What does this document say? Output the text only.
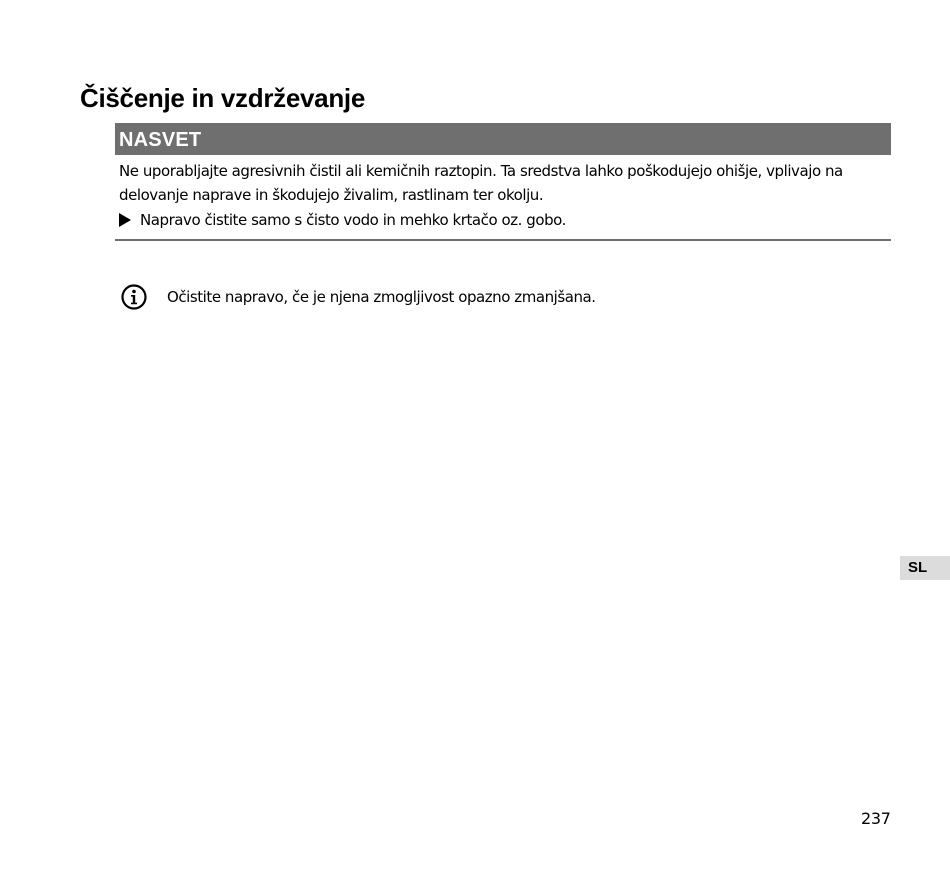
Čiščenje in vzdrževanje
NASVET
Ne uporabljajte agresivnih čistil ali kemičnih raztopin. Ta sredstva lahko poškodujejo ohišje, vplivajo na
delovanje naprave in škodujejo živalim, rastlinam ter okolju.
Napravo čistite samo s čisto vodo in mehko krtačo oz. gobo.
Očistite napravo, če je njena zmogljivost opazno zmanjšana.
SL
237
